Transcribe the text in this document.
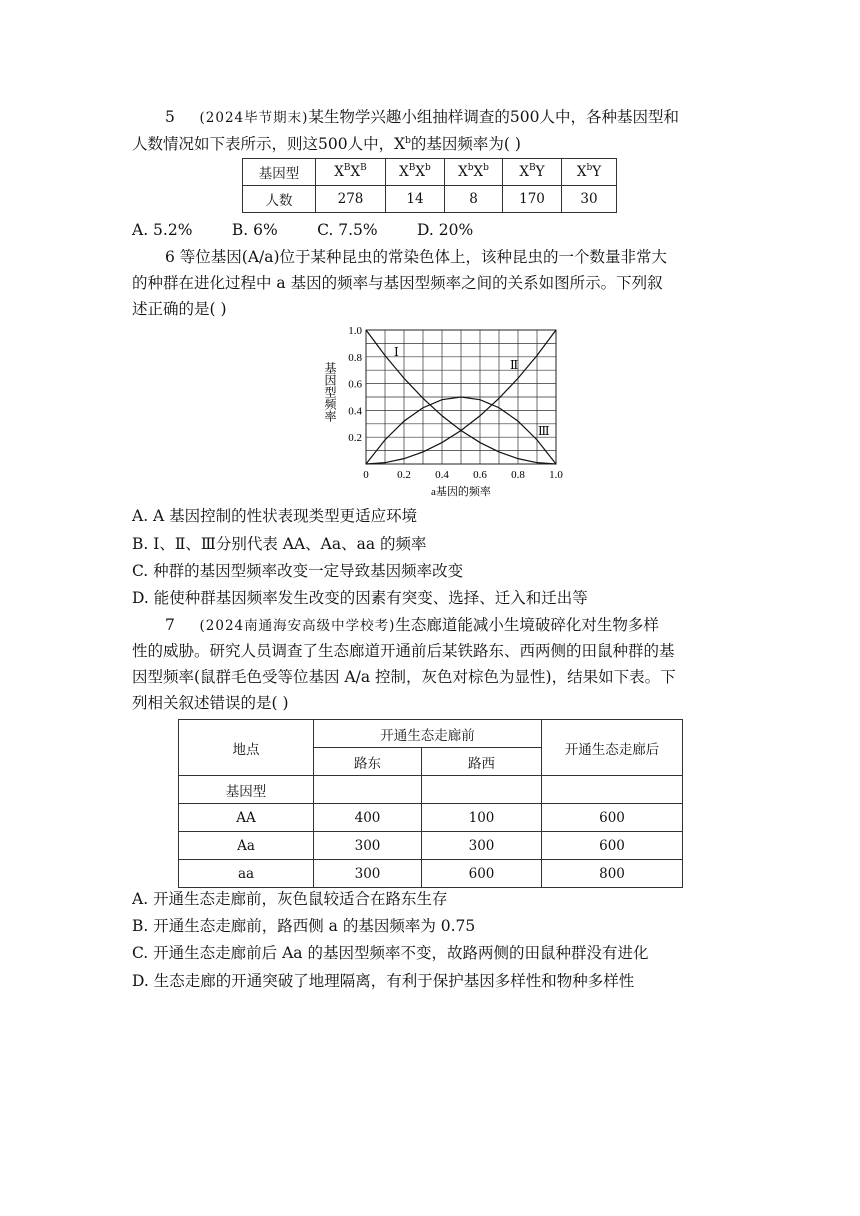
5 (2024毕节期末)某生物学兴趣小组抽样调查的500人中，各种基因型和
人数情况如下表所示，则这500人中，$X^b$的基因频率为( )
基因型	$X^BX^B$	$X^BX^b$	$X^bX^b$	$X^BY$	$X^bY$
人数	278	14	8	170	30
A. 5.2%        B. 6%        C. 7.5%        D. 20%
6 等位基因(A/a)位于某种昆虫的常染色体上，该种昆虫的一个数量非常大
的种群在进化过程中 a 基因的频率与基因型频率之间的关系如图所示。下列叙
述正确的是( )
0	0.2 0.4 0.6 0.8 1.0
0.2
0.4
0.6
0.8
1.0
基因型频率
a基因的频率
Ⅰ
Ⅱ
Ⅲ
A. A 基因控制的性状表现类型更适应环境
B. Ⅰ、Ⅱ、Ⅲ分别代表 AA、Aa、aa 的频率
C. 种群的基因型频率改变一定导致基因频率改变
D. 能使种群基因频率发生改变的因素有突变、选择、迁入和迁出等
7 (2024南通海安高级中学校考)生态廊道能减小生境破碎化对生物多样
性的威胁。研究人员调查了生态廊道开通前后某铁路东、西两侧的田鼠种群的基
因型频率(鼠群毛色受等位基因 A/a 控制，灰色对棕色为显性)，结果如下表。下
列相关叙述错误的是( )
地点	开通生态走廊前		开通生态走廊后
	路东	路西	
基因型			
AA	400	100	600
Aa	300	300	600
aa	300	600	800
A. 开通生态走廊前，灰色鼠较适合在路东生存
B. 开通生态走廊前，路西侧 a 的基因频率为 0.75
C. 开通生态走廊前后 Aa 的基因型频率不变，故路两侧的田鼠种群没有进化
D. 生态走廊的开通突破了地理隔离，有利于保护基因多样性和物种多样性
